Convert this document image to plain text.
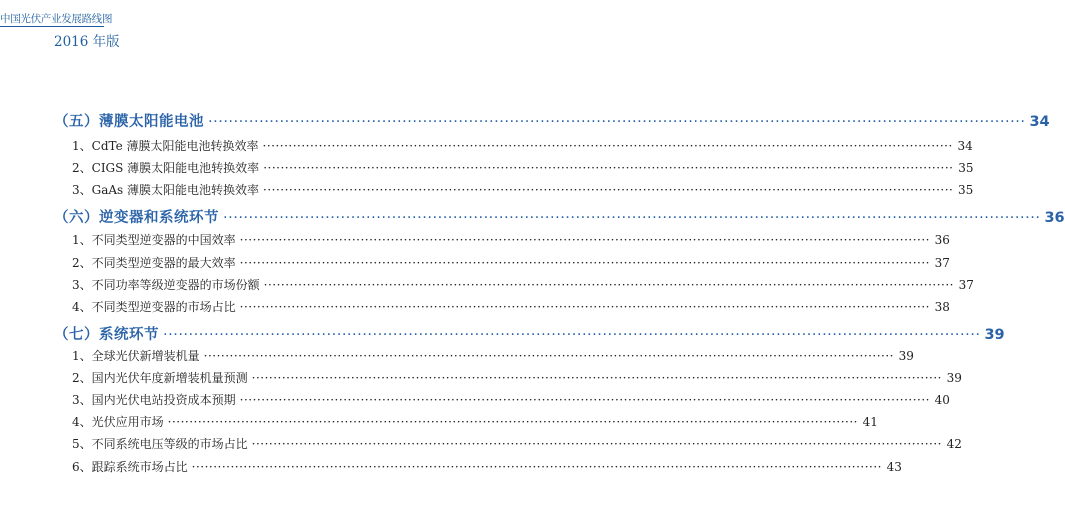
中国光伏产业发展路线图
2016 年版
（五）薄膜太阳能电池 ································································································································································ 34
1、CdTe 薄膜太阳能电池转换效率 ································································································································································ 34
2、CIGS 薄膜太阳能电池转换效率 ································································································································································ 35
3、GaAs 薄膜太阳能电池转换效率 ································································································································································ 35
（六）逆变器和系统环节 ································································································································································ 36
1、不同类型逆变器的中国效率 ································································································································································ 36
2、不同类型逆变器的最大效率 ································································································································································ 37
3、不同功率等级逆变器的市场份额 ································································································································································ 37
4、不同类型逆变器的市场占比 ································································································································································ 38
（七）系统环节 ································································································································································ 39
1、全球光伏新增装机量 ································································································································································ 39
2、国内光伏年度新增装机量预测 ································································································································································ 39
3、国内光伏电站投资成本预期 ································································································································································ 40
4、光伏应用市场 ································································································································································ 41
5、不同系统电压等级的市场占比 ································································································································································ 42
6、跟踪系统市场占比 ································································································································································ 43
